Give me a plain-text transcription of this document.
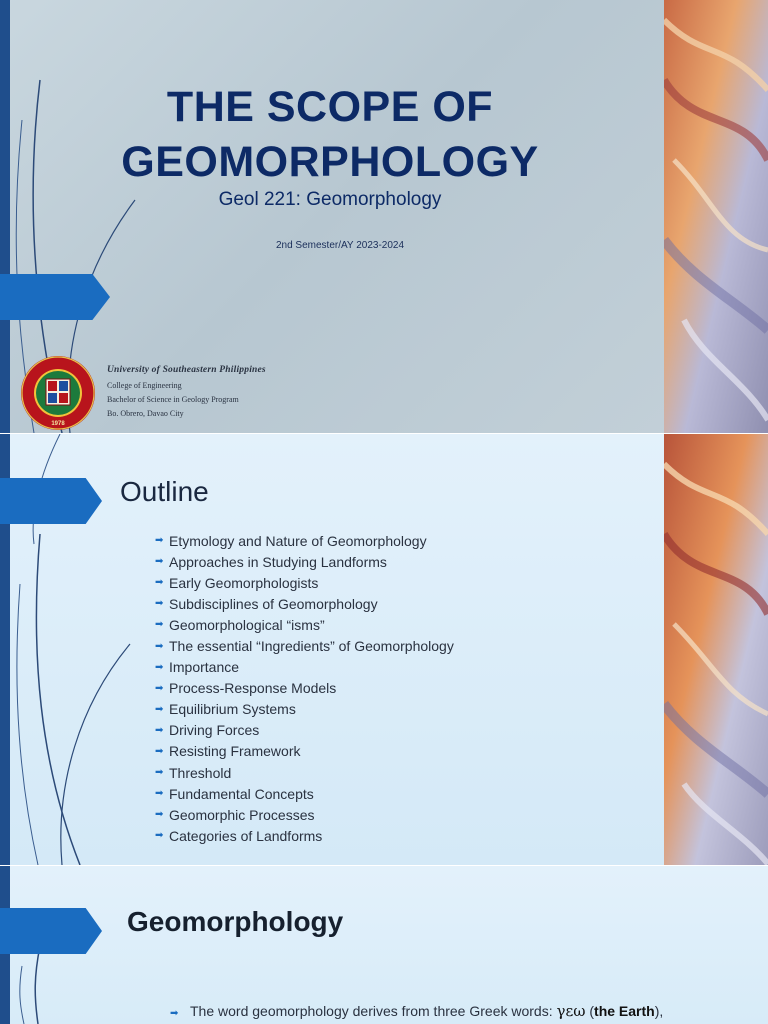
THE SCOPE OF
GEOMORPHOLOGY
Geol 221: Geomorphology
2nd Semester/AY 2023-2024
1978
University of Southeastern Philippines
College of Engineering
Bachelor of Science in Geology Program
Bo. Obrero, Davao City
Outline
➡ Etymology and Nature of Geomorphology
➡ Approaches in Studying Landforms
➡ Early Geomorphologists
➡ Subdisciplines of Geomorphology
➡ Geomorphological “isms”
➡ The essential “Ingredients” of Geomorphology
➡ Importance
➡ Process-Response Models
➡ Equilibrium Systems
➡ Driving Forces
➡ Resisting Framework
➡ Threshold
➡ Fundamental Concepts
➡ Geomorphic Processes
➡ Categories of Landforms
Geomorphology
➡ The word geomorphology derives from three Greek words: γεω (the Earth),
